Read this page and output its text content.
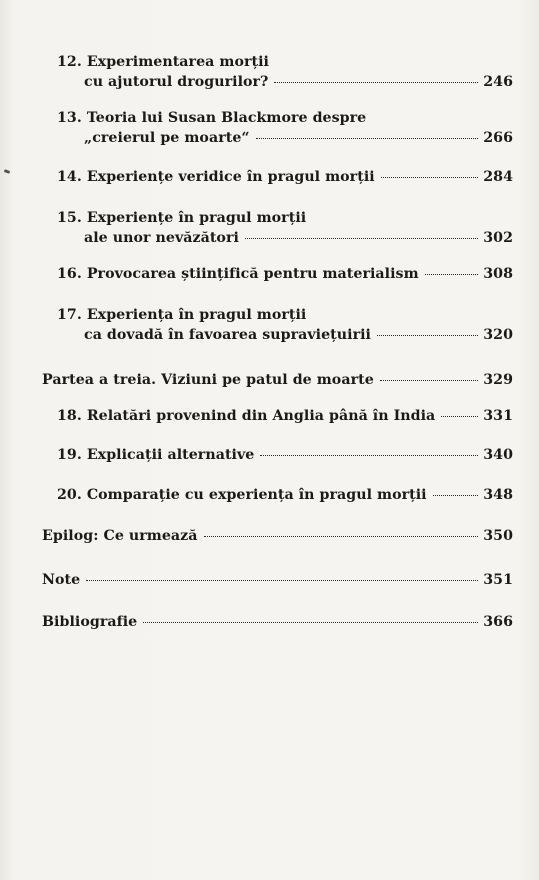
12. Experimentarea morții
cu ajutorul drogurilor?	246
13. Teoria lui Susan Blackmore despre
„creierul pe moarte“	266
14. Experiențe veridice în pragul morții	284
15. Experiențe în pragul morții
ale unor nevăzători	302
16. Provocarea științifică pentru materialism	308
17. Experiența în pragul morții
ca dovadă în favoarea supraviețuirii	320
Partea a treia. Viziuni pe patul de moarte	329
18. Relatări provenind din Anglia până în India	331
19. Explicații alternative	340
20. Comparație cu experiența în pragul morții	348
Epilog: Ce urmează	350
Note	351
Bibliografie	366
